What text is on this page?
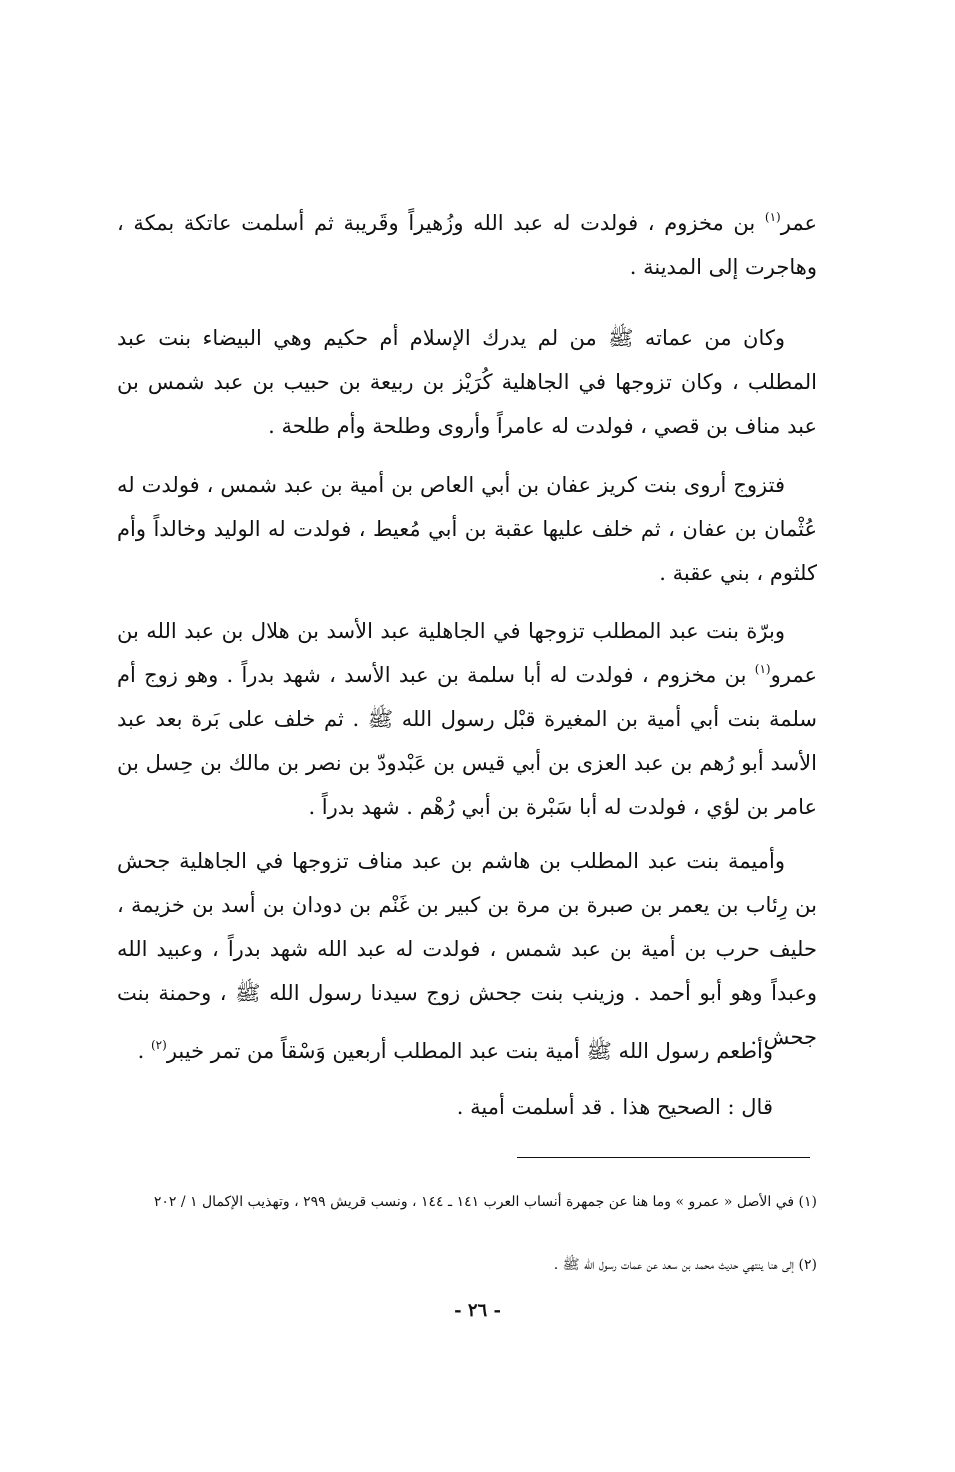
عمر$^{(١)}$ بن مخزوم ، فولدت له عبد الله وزُهيراً وقَريبة ثم أسلمت عاتكة بمكة ، وهاجرت إلى المدينة .

وكان من عماته ﷺ من لم يدرك الإسلام أم حكيم وهي البيضاء بنت عبد المطلب ، وكان تزوجها في الجاهلية كُرَيْز بن ربيعة بن حبيب بن عبد شمس بن عبد مناف بن قصي ، فولدت له عامراً وأروى وطلحة وأم طلحة .

فتزوج أروى بنت كريز عفان بن أبي العاص بن أمية بن عبد شمس ، فولدت له عُثْمان بن عفان ، ثم خلف عليها عقبة بن أبي مُعيط ، فولدت له الوليد وخالداً وأم كلثوم ، بني عقبة .

وبرّة بنت عبد المطلب تزوجها في الجاهلية عبد الأسد بن هلال بن عبد الله بن عمرو$^{(١)}$ بن مخزوم ، فولدت له أبا سلمة بن عبد الأسد ، شهد بدراً . وهو زوج أم سلمة بنت أبي أمية بن المغيرة قبْل رسول الله ﷺ . ثم خلف على بَرة بعد عبد الأسد أبو رُهم بن عبد العزى بن أبي قيس بن عَبْدودّ بن نصر بن مالك بن حِسل بن عامر بن لؤي ، فولدت له أبا سَبْرة بن أبي رُهْم . شهد بدراً .

وأميمة بنت عبد المطلب بن هاشم بن عبد مناف تزوجها في الجاهلية جحش بن رِئاب بن يعمر بن صبرة بن مرة بن كبير بن غَنْم بن دودان بن أسد بن خزيمة ، حليف حرب بن أمية بن عبد شمس ، فولدت له عبد الله شهد بدراً ، وعبيد الله وعبداً وهو أبو أحمد . وزينب بنت جحش زوج سيدنا رسول الله ﷺ ، وحمنة بنت جحش .

وأطعم رسول الله ﷺ أمية بنت عبد المطلب أربعين وَسْقاً من تمر خيبر$^{(٢)}$ .

قال : الصحيح هذا . قد أسلمت أمية .

(١) في الأصل « عمرو » وما هنا عن جمهرة أنساب العرب ١٤١ ـ ١٤٤ ، ونسب قريش ٢٩٩ ، وتهذيب الإكمال ١ / ٢٠٢

(٢) إلى هنا ينتهي حديث محمد بن سعد عن عمات رسول الله ﷺ .

- ٢٦ -
